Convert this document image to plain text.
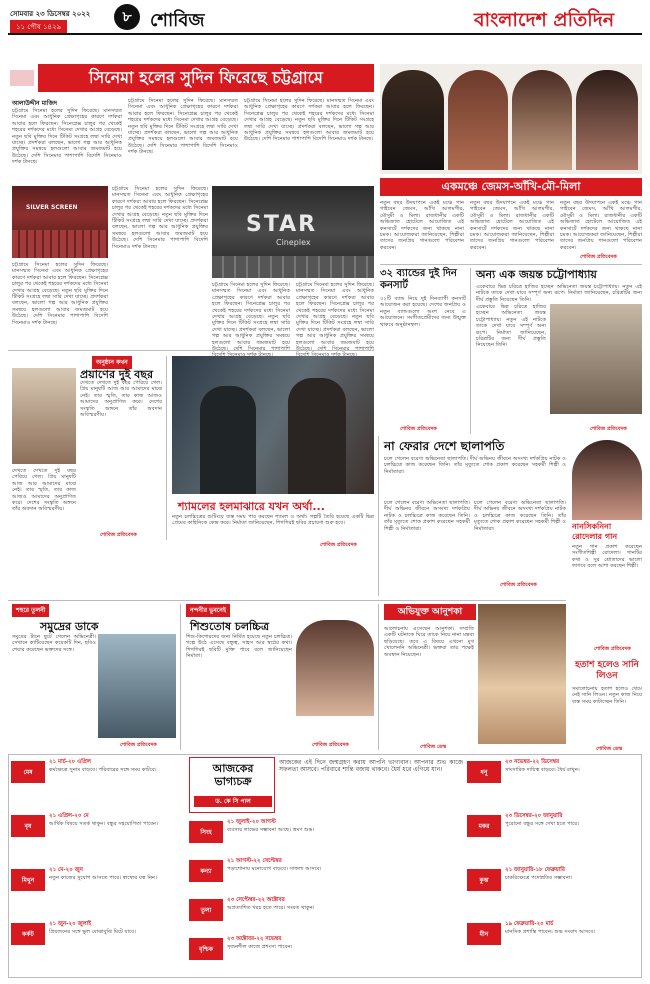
সোমবার ২৩ ডিসেম্বর ২০২২
১১ পৌষ ১৪২৯
৮ শোবিজ	বাংলাদেশ প্রতিদিন
সিনেমা হলের সুদিন ফিরেছে চট্টগ্রামে
আলাউদ্দীন মাজিদ
চট্টগ্রামে সিনেমা হলের সুদিন ফিরেছে। মানসম্মত সিনেমা এবং আধুনিক প্রেক্ষাগৃহের কারণে দর্শকরা আবার হলে ফিরছেন। সিনেপ্লেক্স চালুর পর থেকেই শহরের দর্শকদের মধ্যে সিনেমা দেখার আগ্রহ বেড়েছে। নতুন ছবি মুক্তির দিনে টিকিট সংগ্রহে লম্বা সারি দেখা যাচ্ছে। প্রদর্শকরা বলছেন, ভালো গল্প আর আধুনিক প্রযুক্তির সমন্বয়ে হলগুলো আবার জমজমাট হয়ে উঠেছে। দেশি সিনেমার পাশাপাশি বিদেশি সিনেমাও দর্শক টানছে।
চট্টগ্রামে সিনেমা হলের সুদিন ফিরেছে। মানসম্মত সিনেমা এবং আধুনিক প্রেক্ষাগৃহের কারণে দর্শকরা আবার হলে ফিরছেন। সিনেপ্লেক্স চালুর পর থেকেই শহরের দর্শকদের মধ্যে সিনেমা দেখার আগ্রহ বেড়েছে। নতুন ছবি মুক্তির দিনে টিকিট সংগ্রহে লম্বা সারি দেখা যাচ্ছে। প্রদর্শকরা বলছেন, ভালো গল্প আর আধুনিক প্রযুক্তির সমন্বয়ে হলগুলো আবার জমজমাট হয়ে উঠেছে। দেশি সিনেমার পাশাপাশি বিদেশি সিনেমাও দর্শক টানছে।
চট্টগ্রামে সিনেমা হলের সুদিন ফিরেছে। মানসম্মত সিনেমা এবং আধুনিক প্রেক্ষাগৃহের কারণে দর্শকরা আবার হলে ফিরছেন। সিনেপ্লেক্স চালুর পর থেকেই শহরের দর্শকদের মধ্যে সিনেমা দেখার আগ্রহ বেড়েছে। নতুন ছবি মুক্তির দিনে টিকিট সংগ্রহে লম্বা সারি দেখা যাচ্ছে। প্রদর্শকরা বলছেন, ভালো গল্প আর আধুনিক প্রযুক্তির সমন্বয়ে হলগুলো আবার জমজমাট হয়ে উঠেছে। দেশি সিনেমার পাশাপাশি বিদেশি সিনেমাও দর্শক টানছে।
SILVER SCREEN
চট্টগ্রামে সিনেমা হলের সুদিন ফিরেছে। মানসম্মত সিনেমা এবং আধুনিক প্রেক্ষাগৃহের কারণে দর্শকরা আবার হলে ফিরছেন। সিনেপ্লেক্স চালুর পর থেকেই শহরের দর্শকদের মধ্যে সিনেমা দেখার আগ্রহ বেড়েছে। নতুন ছবি মুক্তির দিনে টিকিট সংগ্রহে লম্বা সারি দেখা যাচ্ছে। প্রদর্শকরা বলছেন, ভালো গল্প আর আধুনিক প্রযুক্তির সমন্বয়ে হলগুলো আবার জমজমাট হয়ে উঠেছে। দেশি সিনেমার পাশাপাশি বিদেশি সিনেমাও দর্শক টানছে।
চট্টগ্রামে সিনেমা হলের সুদিন ফিরেছে। মানসম্মত সিনেমা এবং আধুনিক প্রেক্ষাগৃহের কারণে দর্শকরা আবার হলে ফিরছেন। সিনেপ্লেক্স চালুর পর থেকেই শহরের দর্শকদের মধ্যে সিনেমা দেখার আগ্রহ বেড়েছে। নতুন ছবি মুক্তির দিনে টিকিট সংগ্রহে লম্বা সারি দেখা যাচ্ছে। প্রদর্শকরা বলছেন, ভালো গল্প আর আধুনিক প্রযুক্তির সমন্বয়ে হলগুলো আবার জমজমাট হয়ে উঠেছে। দেশি সিনেমার পাশাপাশি বিদেশি সিনেমাও দর্শক টানছে।
STAR
Cineplex
চট্টগ্রামে সিনেমা হলের সুদিন ফিরেছে। মানসম্মত সিনেমা এবং আধুনিক প্রেক্ষাগৃহের কারণে দর্শকরা আবার হলে ফিরছেন। সিনেপ্লেক্স চালুর পর থেকেই শহরের দর্শকদের মধ্যে সিনেমা দেখার আগ্রহ বেড়েছে। নতুন ছবি মুক্তির দিনে টিকিট সংগ্রহে লম্বা সারি দেখা যাচ্ছে। প্রদর্শকরা বলছেন, ভালো গল্প আর আধুনিক প্রযুক্তির সমন্বয়ে হলগুলো আবার জমজমাট হয়ে
চট্টগ্রামে সিনেমা হলের সুদিন ফিরেছে। মানসম্মত সিনেমা এবং আধুনিক প্রেক্ষাগৃহের কারণে দর্শকরা আবার হলে ফিরছেন। সিনেপ্লেক্স চালুর পর থেকেই শহরের দর্শকদের মধ্যে সিনেমা দেখার আগ্রহ বেড়েছে। নতুন ছবি মুক্তির দিনে টিকিট সংগ্রহে লম্বা সারি দেখা যাচ্ছে। প্রদর্শকরা বলছেন, ভালো গল্প আর আধুনিক প্রযুক্তির সমন্বয়ে হলগুলো আবার জমজমাট হয়ে
একমঞ্চে জেমস-আঁখি-মৌ-মিলা
নতুন বছর উদযাপনে একই মঞ্চে গান গাইবেন জেমস, আঁখি আলমগীর, মৌসুমী ও মিলা। রাজধানীর একটি অভিজাত হোটেলে আয়োজিত এই কনসার্টে দর্শকদের জন্য থাকছে নানা চমক। আয়োজকরা জানিয়েছেন, শিল্পীরা তাদের জনপ্রিয় গানগুলো পরিবেশন করবেন।
নতুন বছর উদযাপনে একই মঞ্চে গান গাইবেন জেমস, আঁখি আলমগীর, মৌসুমী ও মিলা। রাজধানীর একটি অভিজাত হোটেলে আয়োজিত এই কনসার্টে দর্শকদের জন্য থাকছে নানা চমক। আয়োজকরা জানিয়েছেন, শিল্পীরা তাদের জনপ্রিয় গানগুলো পরিবেশন করবেন।
নতুন বছর উদযাপনে একই মঞ্চে গান গাইবেন জেমস, আঁখি আলমগীর, মৌসুমী ও মিলা। রাজধানীর একটি অভিজাত হোটেলে আয়োজিত এই কনসার্টে দর্শকদের জন্য থাকছে নানা চমক। আয়োজকরা জানিয়েছেন, শিল্পীরা তাদের জনপ্রিয় গানগুলো পরিবেশন করবেন।
শোবিজ প্রতিবেদক
৩২ ব্যান্ডের দুই দিন কনসার্ট
৩২টি ব্যান্ড নিয়ে দুই দিনব্যাপী কনসার্ট আয়োজন করা হয়েছে। দেশের জনপ্রিয় ও নতুন ব্যান্ডগুলো অংশ নেবে এ আয়োজনে। সংগীতপ্রেমীদের জন্য উন্মুক্ত থাকবে অনুষ্ঠানস্থল।
শোবিজ প্রতিবেদক
অন্য এক জয়ন্ত চট্টোপাধ্যায়
একেবারে ভিন্ন চরিত্রে হাজির হচ্ছেন অভিনেতা জয়ন্ত চট্টোপাধ্যায়। নতুন এই নাটকে তাকে দেখা যাবে সম্পূর্ণ অন্য রূপে। নির্মাতা জানিয়েছেন, চরিত্রটির জন্য দীর্ঘ প্রস্তুতি নিয়েছেন তিনি।
একেবারে ভিন্ন চরিত্রে হাজির হচ্ছেন অভিনেতা জয়ন্ত চট্টোপাধ্যায়। নতুন এই নাটকে তাকে দেখা যাবে সম্পূর্ণ অন্য রূপে। নির্মাতা জানিয়েছেন, চরিত্রটির জন্য দীর্ঘ প্রস্তুতি নিয়েছেন তিনি।
শোবিজ প্রতিবেদক
অনুষ্ঠান কথন
প্রয়াণের দুই বছর
দেখতে দেখতে দুই বছর পেরিয়ে গেল। প্রিয় মানুষটি আজ আর আমাদের মাঝে নেই। তার স্মৃতি, তার কাজ আজও আমাদের অনুপ্রাণিত করে। দেশের সংস্কৃতি অঙ্গনে তাঁর অবদান অবিস্মরণীয়।
দেখতে দেখতে দুই বছর পেরিয়ে গেল। প্রিয় মানুষটি আজ আর আমাদের মাঝে নেই। তার স্মৃতি, তার কাজ আজও আমাদের অনুপ্রাণিত করে। দেশের সংস্কৃতি অঙ্গনে তাঁর অবদান অবিস্মরণীয়।
শোবিজ প্রতিবেদক
শ্যামলের হলমাঝারে যখন অর্থা...
না ফেরার দেশে ছালাপতি
চলে গেলেন বরেণ্য অভিনেতা ছালাপতি। দীর্ঘ অভিনয় জীবনে অসংখ্য দর্শকপ্রিয় নাটক ও চলচ্চিত্রে কাজ করেছেন তিনি। তাঁর মৃত্যুতে শোক প্রকাশ করেছেন সহকর্মী শিল্পী ও নির্মাতারা।
চলে গেলেন বরেণ্য অভিনেতা ছালাপতি। দীর্ঘ অভিনয় জীবনে অসংখ্য দর্শকপ্রিয় নাটক ও চলচ্চিত্রে কাজ করেছেন তিনি। তাঁর মৃত্যুতে শোক প্রকাশ করেছেন সহকর্মী শিল্পী ও নির্মাতারা।
চলে গেলেন বরেণ্য অভিনেতা ছালাপতি। দীর্ঘ অভিনয় জীবনে অসংখ্য দর্শকপ্রিয় নাটক ও চলচ্চিত্রে কাজ করেছেন তিনি। তাঁর মৃত্যুতে শোক প্রকাশ করেছেন সহকর্মী শিল্পী ও নির্মাতারা।
শোবিজ প্রতিবেদক
নানসিকনিনা রোদেলার গান
নতুন গান প্রকাশ করেছেন সংগীতশিল্পী রোদেলা। গানটির কথা ও সুর শ্রোতাদের ভালো লাগবে বলে আশা করছেন শিল্পী।
শোবিজ প্রতিবেদক
নতুন চলচ্চিত্রের শুটিংয়ে ব্যস্ত সময় পার করছেন শ্যামল ও অর্থা। গল্পটি তৈরি হয়েছে একটি ভিন্ন প্রেমের কাহিনিকে কেন্দ্র করে। নির্মাতা জানিয়েছেন, শিগগিরই ছবির প্রচারণা শুরু হবে।
শোবিজ প্রতিবেদক
শহুরে তুলনী
সমুদ্রের ডাকে
সমুদ্রের টানে ছুটে গেলেন অভিনেত্রী। সেখানে কাটিয়েছেন কয়েকটি দিন, ছবিও শেয়ার করেছেন ভক্তদের সঙ্গে।
শোবিজ প্রতিবেদক
নন্দনীর ভুবনেই
শিশুতোষ চলচ্চিত্র
শিশু-কিশোরদের জন্য নির্মিত হয়েছে নতুন চলচ্চিত্র। গল্পে উঠে এসেছে বন্ধুত্ব, সাহস আর স্বপ্নের কথা। শিগগিরই ছবিটি মুক্তি পাবে বলে জানিয়েছেন নির্মাতা।
শোবিজ প্রতিবেদক
অভিযুক্ত আনুশকা
আলোচনায় এসেছেন আনুশকা। সম্প্রতি একটি ঘটনাকে ঘিরে তাকে নিয়ে নানা মন্তব্য ছড়িয়েছে। তবে এ বিষয়ে এখনো মুখ খোলেননি অভিনেত্রী। ভক্তরা তার পক্ষেই অবস্থান নিয়েছেন।
শোবিজ ডেস্ক
হতাশ হলেও সানি লিওন
সমালোচনায় হতাশ হলেও থেমে নেই সানি লিওন। নতুন কাজ নিয়ে ব্যস্ত সময় কাটাচ্ছেন তিনি।
শোবিজ ডেস্ক
মেষ
২১ মার্চ-২০ এপ্রিল
কর্মক্ষেত্রে সুনাম বাড়বে। পরিবারের সঙ্গে সময় কাটবে।
বৃষ
২১ এপ্রিল-২০ মে
আর্থিক বিষয়ে সতর্ক থাকুন। বন্ধুর সহযোগিতা পাবেন।
মিথুন
২১ মে-২০ জুন
নতুন কাজের সুযোগ আসতে পারে। স্বাস্থ্যের যত্ন নিন।
কর্কট
২১ জুন-২০ জুলাই
প্রিয়জনের সঙ্গে ভুল বোঝাবুঝি মিটে যাবে।
আজকের ভাগ্যচক্র
ড. কে সি পাল
আজকের এই দিনে জন্মগ্রহণ করায় আপনি ভাগ্যবান। আপনার শুভ কাজে সফলতা আসবে। পরিবারে শান্তি বজায় থাকবে। ধৈর্য ধরে এগিয়ে যান।
সিংহ
২১ জুলাই-২০ আগস্ট
ব্যবসায় লাভের সম্ভাবনা আছে। ভ্রমণ শুভ।
কন্যা
২১ আগস্ট-২২ সেপ্টেম্বর
পড়াশোনায় মনোযোগ বাড়বে। সাফল্য আসবে।
তুলা
২৩ সেপ্টেম্বর-২২ অক্টোবর
অপ্রত্যাশিত খরচ হতে পারে। সংযত থাকুন।
বৃশ্চিক
২৩ অক্টোবর-২২ নভেম্বর
সৃজনশীল কাজে প্রশংসা পাবেন।
ধনু
২৩ নভেম্বর-২২ ডিসেম্বর
সাংসারিক দায়িত্ব বাড়বে। ধৈর্য রাখুন।
মকর
২৩ ডিসেম্বর-২০ জানুয়ারি
পুরোনো বন্ধুর সঙ্গে দেখা হতে পারে।
কুম্ভ
২১ জানুয়ারি-১৮ ফেব্রুয়ারি
চাকরিক্ষেত্রে পদোন্নতির সম্ভাবনা।
মীন
১৯ ফেব্রুয়ারি-২০ মার্চ
মানসিক প্রশান্তি পাবেন। শুভ সংবাদ আসবে।
